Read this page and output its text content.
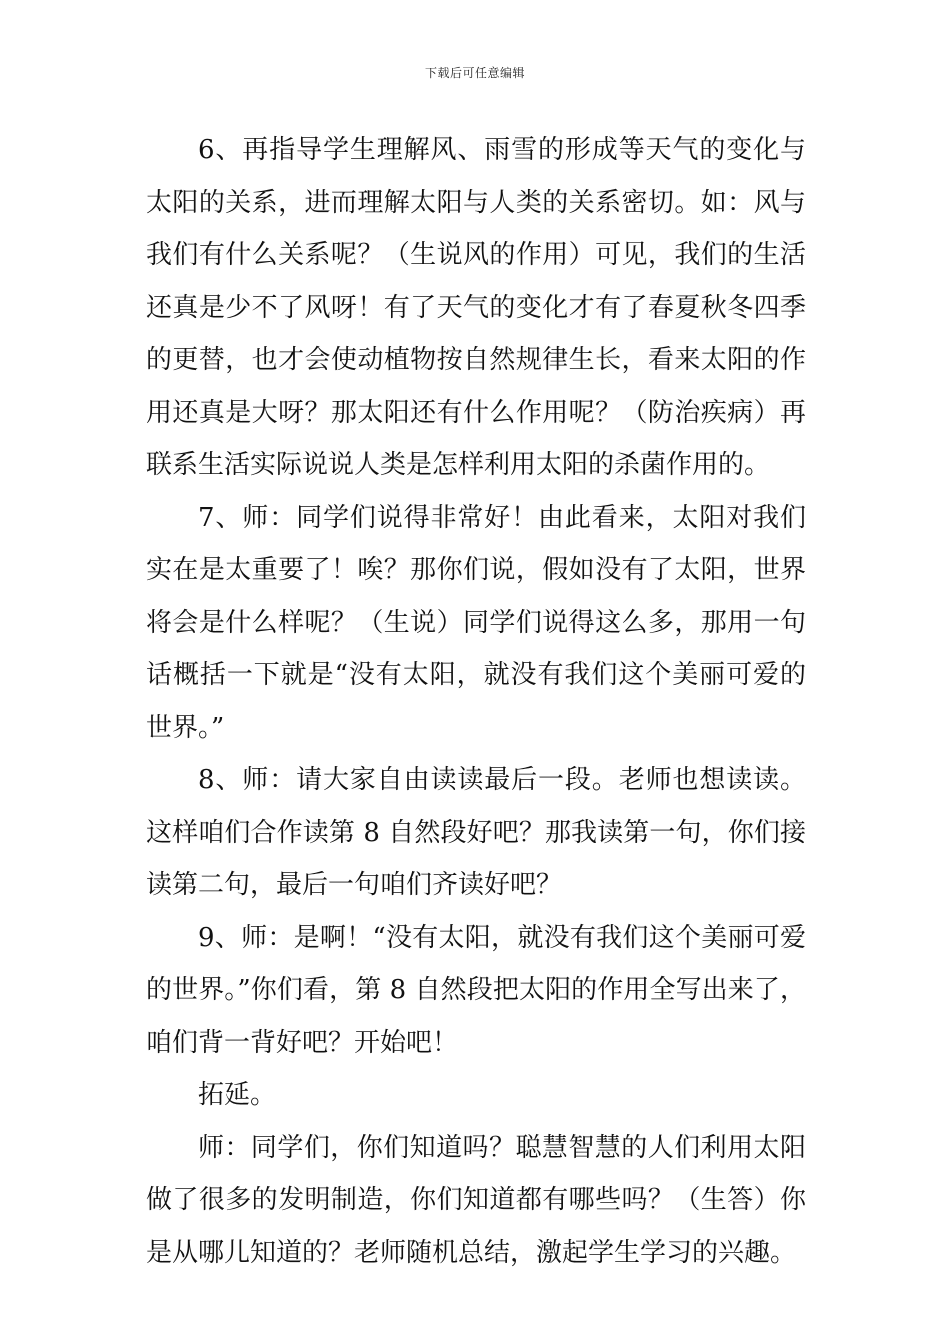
下载后可任意编辑

6、再指导学生理解风、雨雪的形成等天气的变化与太阳的关系，进而理解太阳与人类的关系密切。如：风与我们有什么关系呢？（生说风的作用）可见，我们的生活还真是少不了风呀！有了天气的变化才有了春夏秋冬四季的更替，也才会使动植物按自然规律生长，看来太阳的作用还真是大呀？那太阳还有什么作用呢？（防治疾病）再联系生活实际说说人类是怎样利用太阳的杀菌作用的。

7、师：同学们说得非常好！由此看来，太阳对我们实在是太重要了！唉？那你们说，假如没有了太阳，世界将会是什么样呢？（生说）同学们说得这么多，那用一句话概括一下就是“没有太阳，就没有我们这个美丽可爱的世界。”

8、师：请大家自由读读最后一段。老师也想读读。这样咱们合作读第 8 自然段好吧？那我读第一句，你们接读第二句，最后一句咱们齐读好吧？

9、师：是啊！“没有太阳，就没有我们这个美丽可爱的世界。”你们看，第 8 自然段把太阳的作用全写出来了，咱们背一背好吧？开始吧！

拓延。

师：同学们，你们知道吗？聪慧智慧的人们利用太阳做了很多的发明制造，你们知道都有哪些吗？（生答）你是从哪儿知道的？老师随机总结，激起学生学习的兴趣。
